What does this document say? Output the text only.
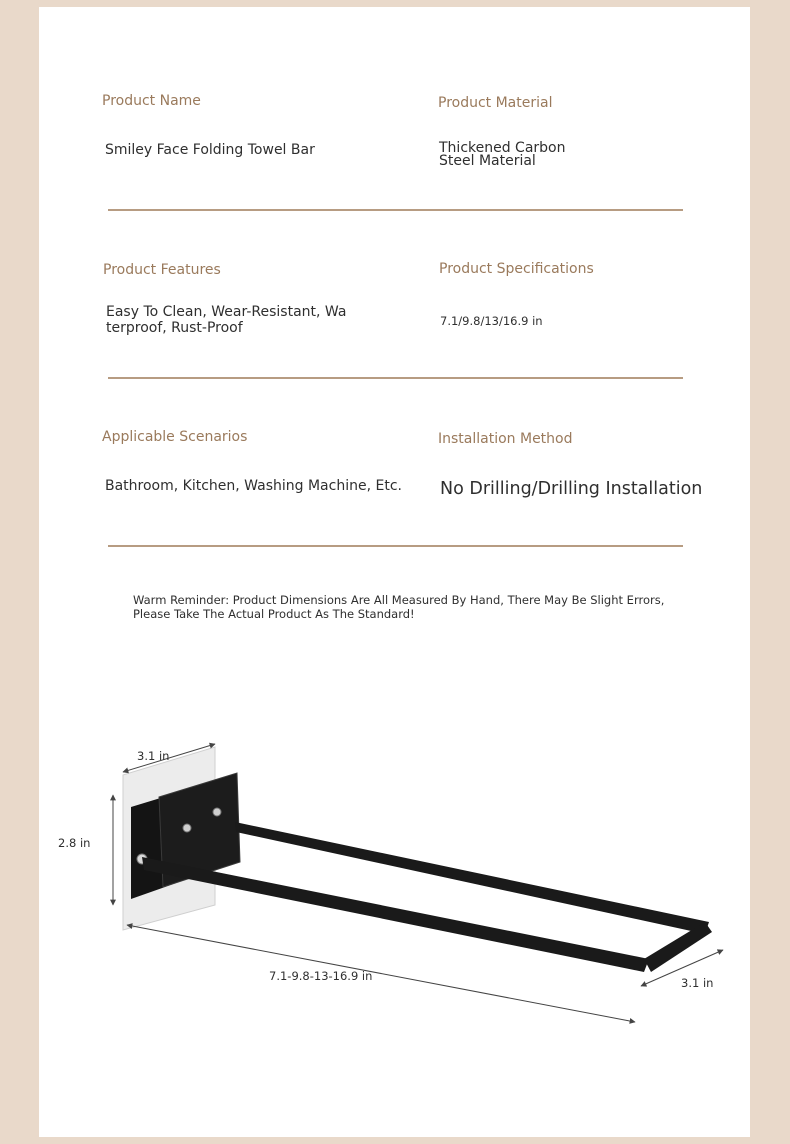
Product Name
Smiley Face Folding Towel Bar
Product Material
Thickened Carbon
Steel Material
Product Features
Easy To Clean, Wear-Resistant, Wa
terproof, Rust-Proof
Product Specifications
7.1/9.8/13/16.9 in
Applicable Scenarios
Bathroom, Kitchen, Washing Machine, Etc.
Installation Method
No Drilling/Drilling Installation
Warm Reminder: Product Dimensions Are All Measured By Hand, There May Be Slight Errors,
Please Take The Actual Product As The Standard!
3.1 in
2.8 in
7.1-9.8-13-16.9 in	3.1 in
